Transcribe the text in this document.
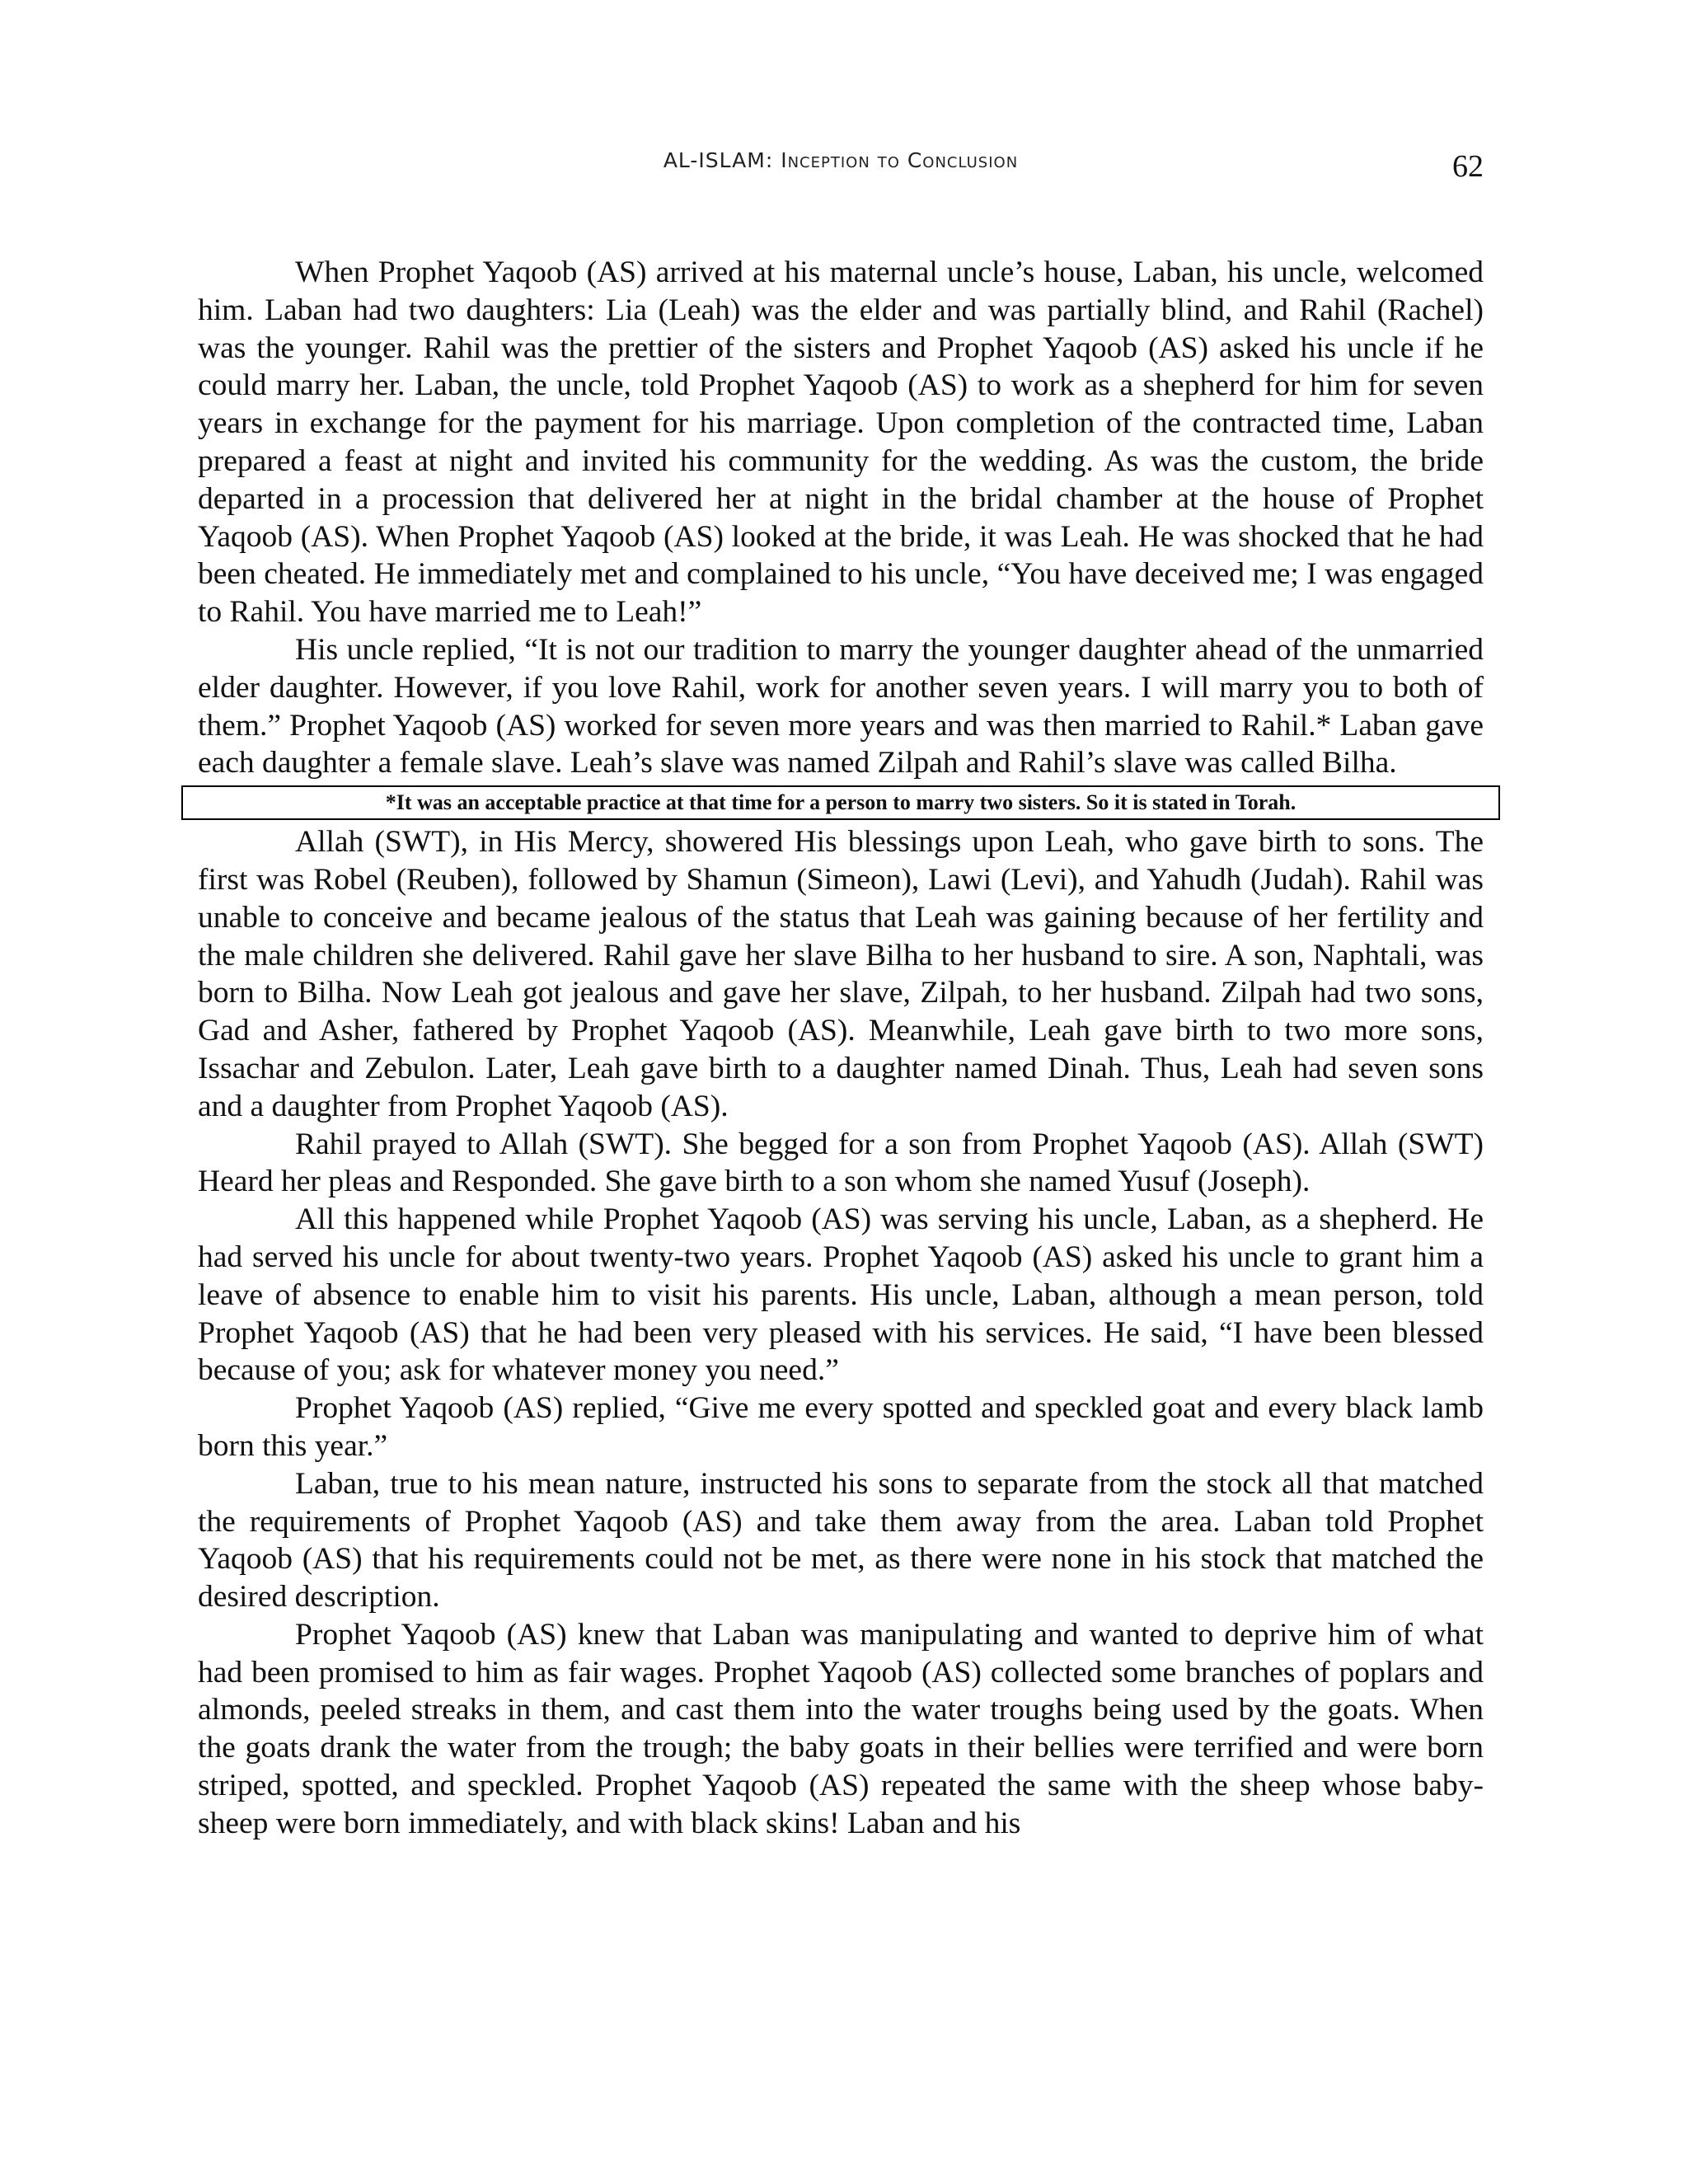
AL-ISLAM: Inception to Conclusion	62

When Prophet Yaqoob (AS) arrived at his maternal uncle’s house, Laban, his uncle, welcomed him. Laban had two daughters: Lia (Leah) was the elder and was partially blind, and Rahil (Rachel) was the younger. Rahil was the prettier of the sisters and Prophet Yaqoob (AS) asked his uncle if he could marry her. Laban, the uncle, told Prophet Yaqoob (AS) to work as a shepherd for him for seven years in exchange for the payment for his marriage. Upon completion of the contracted time, Laban prepared a feast at night and invited his community for the wedding. As was the custom, the bride departed in a procession that delivered her at night in the bridal chamber at the house of Prophet Yaqoob (AS). When Prophet Yaqoob (AS) looked at the bride, it was Leah. He was shocked that he had been cheated. He immediately met and complained to his uncle, “You have deceived me; I was engaged to Rahil. You have married me to Leah!”

His uncle replied, “It is not our tradition to marry the younger daughter ahead of the unmarried elder daughter. However, if you love Rahil, work for another seven years. I will marry you to both of them.” Prophet Yaqoob (AS) worked for seven more years and was then married to Rahil.* Laban gave each daughter a female slave. Leah’s slave was named Zilpah and Rahil’s slave was called Bilha.

*It was an acceptable practice at that time for a person to marry two sisters. So it is stated in Torah.

Allah (SWT), in His Mercy, showered His blessings upon Leah, who gave birth to sons. The first was Robel (Reuben), followed by Shamun (Simeon), Lawi (Levi), and Yahudh (Judah). Rahil was unable to conceive and became jealous of the status that Leah was gaining because of her fertility and the male children she delivered. Rahil gave her slave Bilha to her husband to sire. A son, Naphtali, was born to Bilha. Now Leah got jealous and gave her slave, Zilpah, to her husband. Zilpah had two sons, Gad and Asher, fathered by Prophet Yaqoob (AS). Meanwhile, Leah gave birth to two more sons, Issachar and Zebulon. Later, Leah gave birth to a daughter named Dinah. Thus, Leah had seven sons and a daughter from Prophet Yaqoob (AS).

Rahil prayed to Allah (SWT). She begged for a son from Prophet Yaqoob (AS). Allah (SWT) Heard her pleas and Responded. She gave birth to a son whom she named Yusuf (Joseph).

All this happened while Prophet Yaqoob (AS) was serving his uncle, Laban, as a shepherd. He had served his uncle for about twenty-two years. Prophet Yaqoob (AS) asked his uncle to grant him a leave of absence to enable him to visit his parents. His uncle, Laban, although a mean person, told Prophet Yaqoob (AS) that he had been very pleased with his services. He said, “I have been blessed because of you; ask for whatever money you need.”

Prophet Yaqoob (AS) replied, “Give me every spotted and speckled goat and every black lamb born this year.”

Laban, true to his mean nature, instructed his sons to separate from the stock all that matched the requirements of Prophet Yaqoob (AS) and take them away from the area. Laban told Prophet Yaqoob (AS) that his requirements could not be met, as there were none in his stock that matched the desired description.

Prophet Yaqoob (AS) knew that Laban was manipulating and wanted to deprive him of what had been promised to him as fair wages. Prophet Yaqoob (AS) collected some branches of poplars and almonds, peeled streaks in them, and cast them into the water troughs being used by the goats. When the goats drank the water from the trough; the baby goats in their bellies were terrified and were born striped, spotted, and speckled. Prophet Yaqoob (AS) repeated the same with the sheep whose baby-sheep were born immediately, and with black skins! Laban and his
